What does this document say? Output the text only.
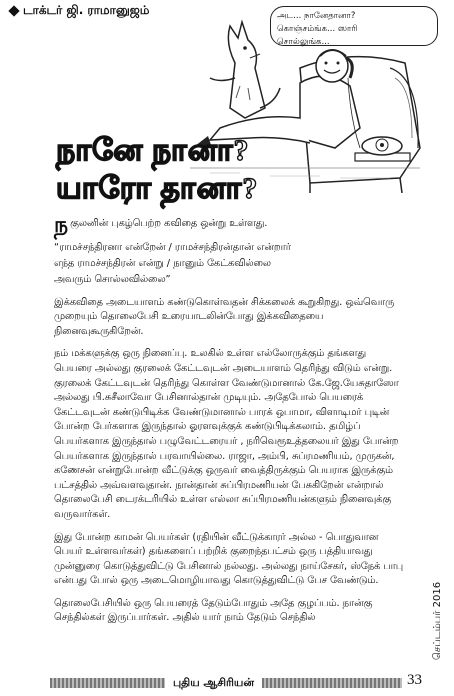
டாக்டர் ஜி. ராமானுஜம்	அட... நானேதானா?
கொஞ்சம்ங்க... ஸாரி
சொல்லுங்க...
நானே நானா?
யாரோ தானா?

நகுலனின் புகழ்பெற்ற கவிதை ஒன்று உள்ளது.

“ராமச்சந்திரனா என்றேன் / ராமச்சந்திரன்தான் என்றார்
எந்த ராமச்சந்திரன் என்று / நானும் கேட்கவில்லை
அவரும் சொல்லவில்லை”

இக்கவிதை அடையாளம் கண்டுகொள்வதன் சிக்கலைக் கூறுகிறது. ஒவ்வொரு முறையும் தொலைபேசி உரையாடலின்போது இக்கவிதையை நினைவுகூருகிறேன்.

நம் மக்களுக்கு ஒரு நினைப்பு. உலகில் உள்ள எல்லோருக்கும் தங்களது பெயரை அல்லது குரலைக் கேட்டவுடன் அடையாளம் தெரிந்து விடும் என்று. குரலைக் கேட்டவுடன் தெரிந்து கொள்ள வேண்டுமானால் கே.ஜே.யேசுதாஸோ அல்லது பி.சுசீலாவோ பேசினால்தான் முடியும். அதேபோல் பெயரைக் கேட்டவுடன் கண்டுபிடிக்க வேண்டுமானால் பாரக் ஒபாமா, விளாடிமர் புடின் போன்ற பேர்களாக இருந்தால் ஓரளவுக்குக் கண்டுபிடிக்கலாம். தமிழ்ப் பெயர்களாக இருந்தால் பழுவேட்டரையர் , நரிவெரூஉத்தலையர் இது போன்ற பெயர்களாக இருந்தால் பரவாயில்லை. ராஜா, அம்பி, சுப்ரமணியம், முருகன், கணேசன் என்றுபோன்ற வீட்டுக்கு ஒருவர் வைத்திருக்கும் பெயராக இருக்கும் பட்சத்தில் அவ்வளவுதான். நான்தான் சுப்பிரமணியன் பேசுகிறேன் என்றால் தொலைபேசி டைரக்டரியில் உள்ள எல்லா சுப்பிரமணியன்களும் நினைவுக்கு வருவார்கள்.

இது போன்ற காமன் பெயர்கள் (ரதியின் வீட்டுக்காரர் அல்ல - பொதுவான பெயர் உள்ளவர்கள்) தங்களைப் பற்றிக் குறைந்தபட்சம் ஒரு பத்தியாவது முன்னுரை கொடுத்துவிட்டு பேசினால் நல்லது. அல்லது நாய்சேகர், ஸ்நேக் பாபு என்பது போல் ஒரு அடைமொழியாவது கொடுத்துவிட்டு பேச வேண்டும்.

தொலைபேசியில் ஒரு பெயரைத் தேடும்போதும் அதே குழப்பம். நான்கு செந்தில்கள் இருப்பார்கள். அதில் யார் நாம் தேடும் செந்தில்	செப்டம்பர் 2016
புதிய ஆசிரியன்	33
